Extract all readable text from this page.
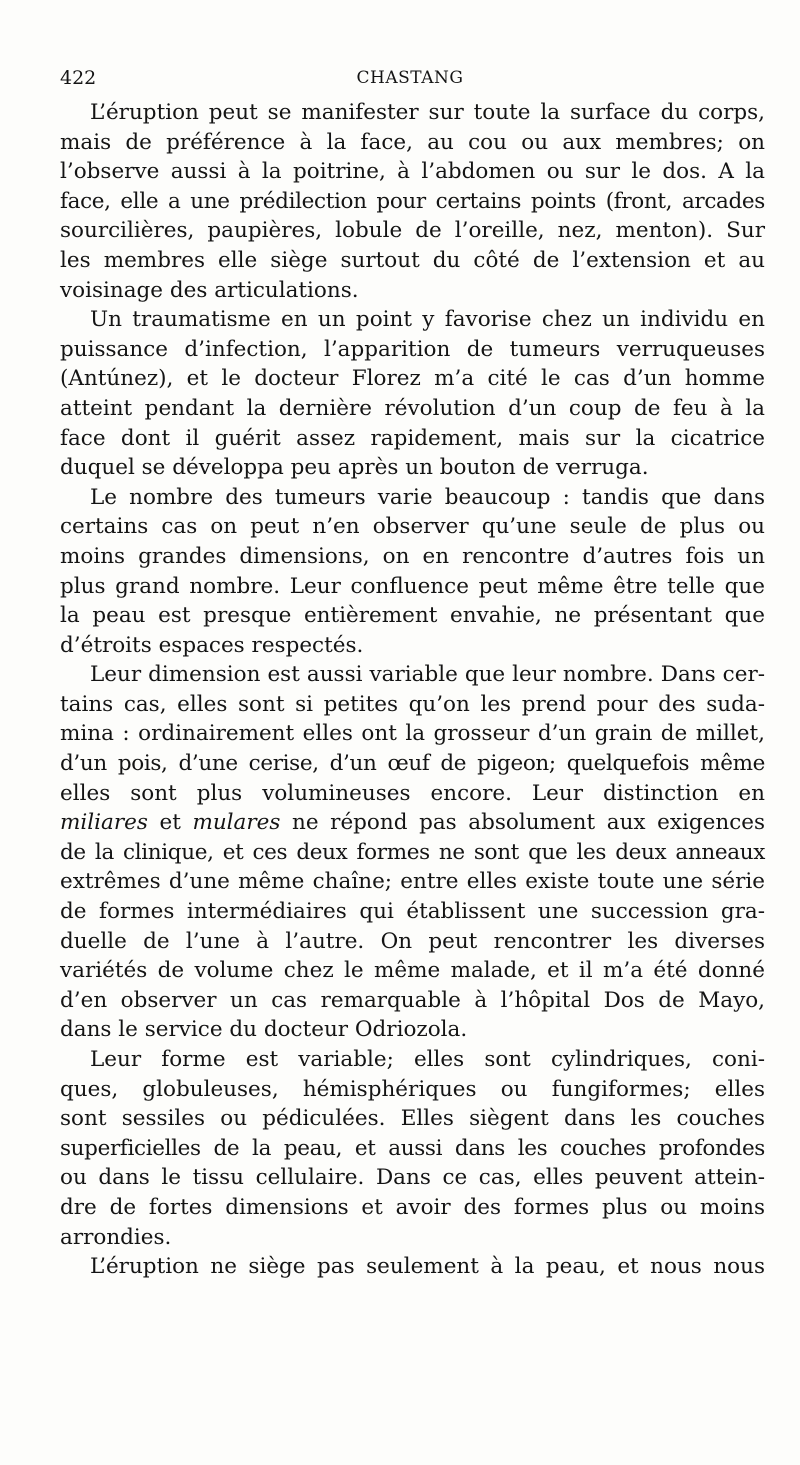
422	CHASTANG

L’éruption peut se manifester sur toute la surface du corps,
mais de préférence à la face, au cou ou aux membres; on
l’observe aussi à la poitrine, à l’abdomen ou sur le dos. A la
face, elle a une prédilection pour certains points (front, arcades
sourcilières, paupières, lobule de l’oreille, nez, menton). Sur
les membres elle siège surtout du côté de l’extension et au
voisinage des articulations.

Un traumatisme en un point y favorise chez un individu en
puissance d’infection, l’apparition de tumeurs verruqueuses
(Antúnez), et le docteur Florez m’a cité le cas d’un homme
atteint pendant la dernière révolution d’un coup de feu à la
face dont il guérit assez rapidement, mais sur la cicatrice
duquel se développa peu après un bouton de verruga.

Le nombre des tumeurs varie beaucoup : tandis que dans
certains cas on peut n’en observer qu’une seule de plus ou
moins grandes dimensions, on en rencontre d’autres fois un
plus grand nombre. Leur confluence peut même être telle que
la peau est presque entièrement envahie, ne présentant que
d’étroits espaces respectés.

Leur dimension est aussi variable que leur nombre. Dans cer-
tains cas, elles sont si petites qu’on les prend pour des suda-
mina : ordinairement elles ont la grosseur d’un grain de millet,
d’un pois, d’une cerise, d’un œuf de pigeon; quelquefois même
elles sont plus volumineuses encore. Leur distinction en
miliares et mulares ne répond pas absolument aux exigences
de la clinique, et ces deux formes ne sont que les deux anneaux
extrêmes d’une même chaîne; entre elles existe toute une série
de formes intermédiaires qui établissent une succession gra-
duelle de l’une à l’autre. On peut rencontrer les diverses
variétés de volume chez le même malade, et il m’a été donné
d’en observer un cas remarquable à l’hôpital Dos de Mayo,
dans le service du docteur Odriozola.

Leur forme est variable; elles sont cylindriques, coni-
ques, globuleuses, hémisphériques ou fungiformes; elles
sont sessiles ou pédiculées. Elles siègent dans les couches
superficielles de la peau, et aussi dans les couches profondes
ou dans le tissu cellulaire. Dans ce cas, elles peuvent attein-
dre de fortes dimensions et avoir des formes plus ou moins
arrondies.

L’éruption ne siège pas seulement à la peau, et nous nous
